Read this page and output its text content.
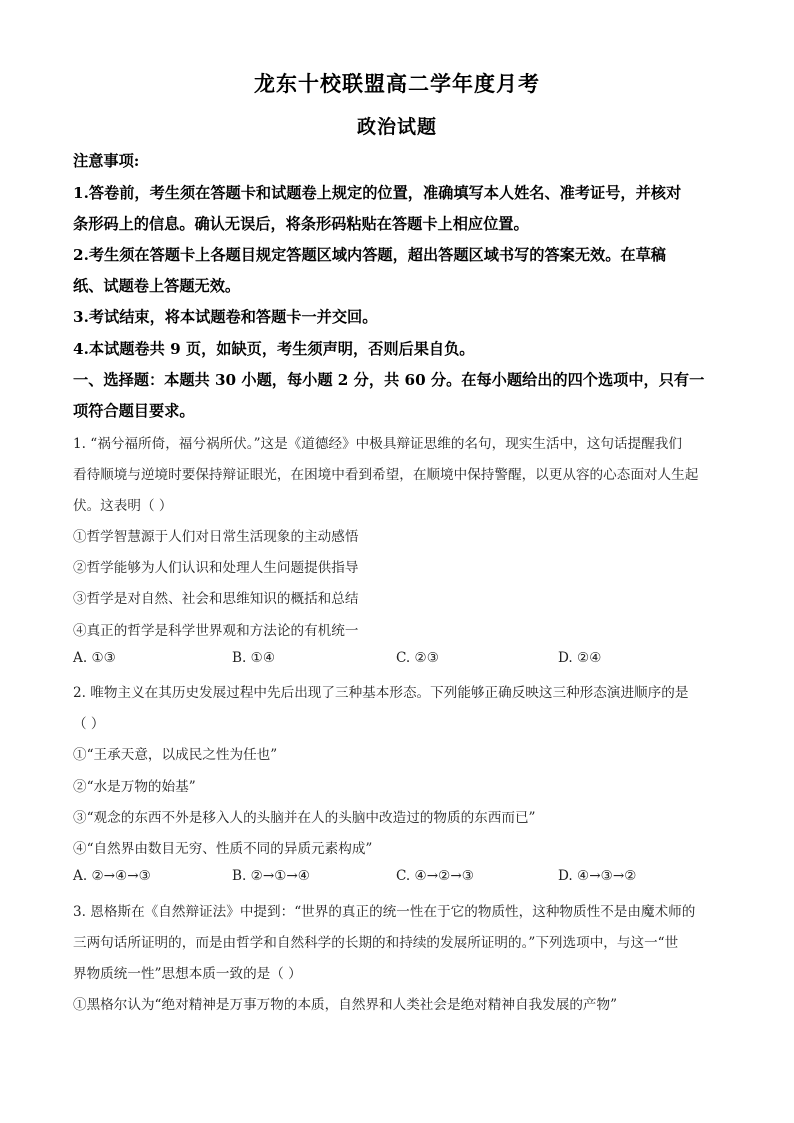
龙东十校联盟高二学年度月考
政治试题
注意事项:
1.答卷前，考生须在答题卡和试题卷上规定的位置，准确填写本人姓名、准考证号，并核对
条形码上的信息。确认无误后，将条形码粘贴在答题卡上相应位置。
2.考生须在答题卡上各题目规定答题区域内答题，超出答题区域书写的答案无效。在草稿
纸、试题卷上答题无效。
3.考试结束，将本试题卷和答题卡一并交回。
4.本试题卷共 9 页，如缺页，考生须声明，否则后果自负。
一、选择题：本题共 30 小题，每小题 2 分，共 60 分。在每小题给出的四个选项中，只有一
项符合题目要求。
1. “祸兮福所倚，福兮祸所伏。”这是《道德经》中极具辩证思维的名句，现实生活中，这句话提醒我们
看待顺境与逆境时要保持辩证眼光，在困境中看到希望，在顺境中保持警醒，以更从容的心态面对人生起
伏。这表明（ ）
①哲学智慧源于人们对日常生活现象的主动感悟
②哲学能够为人们认识和处理人生问题提供指导
③哲学是对自然、社会和思维知识的概括和总结
④真正的哲学是科学世界观和方法论的有机统一
A. ①③	B. ①④	C. ②③	D. ②④
2. 唯物主义在其历史发展过程中先后出现了三种基本形态。下列能够正确反映这三种形态演进顺序的是
（ ）
①“王承天意，以成民之性为任也”
②“水是万物的始基”
③“观念的东西不外是移入人的头脑并在人的头脑中改造过的物质的东西而已”
④“自然界由数目无穷、性质不同的异质元素构成”
A. ②→④→③	B. ②→①→④	C. ④→②→③	D. ④→③→②
3. 恩格斯在《自然辩证法》中提到：“世界的真正的统一性在于它的物质性，这种物质性不是由魔术师的
三两句话所证明的，而是由哲学和自然科学的长期的和持续的发展所证明的。”下列选项中，与这一“世
界物质统一性”思想本质一致的是（ ）
①黑格尔认为“绝对精神是万事万物的本质，自然界和人类社会是绝对精神自我发展的产物”
